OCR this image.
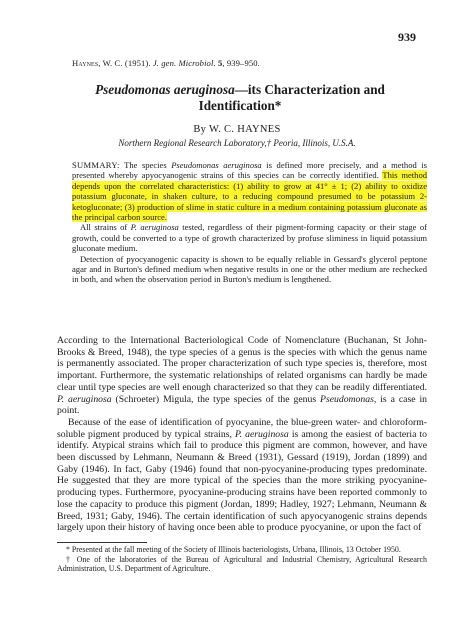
939
Haynes, W. C. (1951). J. gen. Microbiol. 5, 939–950.
Pseudomonas aeruginosa—its Characterization and
Identification*
By W. C. HAYNES
Northern Regional Research Laboratory,† Peoria, Illinois, U.S.A.

SUMMARY: The species Pseudomonas aeruginosa is defined more precisely, and a method is presented whereby apyocyanogenic strains of this species can be correctly identified. This method depends upon the correlated characteristics: (1) ability to grow at 41° ± 1; (2) ability to oxidize potassium gluconate, in shaken culture, to a reducing compound presumed to be potassium 2-ketogluconate; (3) production of slime in static culture in a medium containing potassium gluconate as the principal carbon source.

All strains of P. aeruginosa tested, regardless of their pigment-forming capacity or their stage of growth, could be converted to a type of growth characterized by profuse sliminess in liquid potassium gluconate medium.

Detection of pyocyanogenic capacity is shown to be equally reliable in Gessard's glycerol peptone agar and in Burton's defined medium when negative results in one or the other medium are rechecked in both, and when the observation period in Burton's medium is lengthened.

According to the International Bacteriological Code of Nomenclature (Buchanan, St John-Brooks & Breed, 1948), the type species of a genus is the species with which the genus name is permanently associated. The proper characterization of such type species is, therefore, most important. Furthermore, the systematic relationships of related organisms can hardly be made clear until type species are well enough characterized so that they can be readily differentiated. P. aeruginosa (Schroeter) Migula, the type species of the genus Pseudomonas, is a case in point.

Because of the ease of identification of pyocyanine, the blue-green water- and chloroform-soluble pigment produced by typical strains, P. aeruginosa is among the easiest of bacteria to identify. Atypical strains which fail to produce this pigment are common, however, and have been discussed by Lehmann, Neumann & Breed (1931), Gessard (1919), Jordan (1899) and Gaby (1946). In fact, Gaby (1946) found that non-pyocyanine-producing types predominate. He suggested that they are more typical of the species than the more striking pyocyanine-producing types. Furthermore, pyocyanine-producing strains have been reported commonly to lose the capacity to produce this pigment (Jordan, 1899; Hadley, 1927; Lehmann, Neumann & Breed, 1931; Gaby, 1946). The certain identification of such apyocyanogenic strains depends largely upon their history of having once been able to produce pyocyanine, or upon the fact of

* Presented at the fall meeting of the Society of Illinois bacteriologists, Urbana, Illinois, 13 October 1950.

† One of the laboratories of the Bureau of Agricultural and Industrial Chemistry, Agricultural Research Administration, U.S. Department of Agriculture.
